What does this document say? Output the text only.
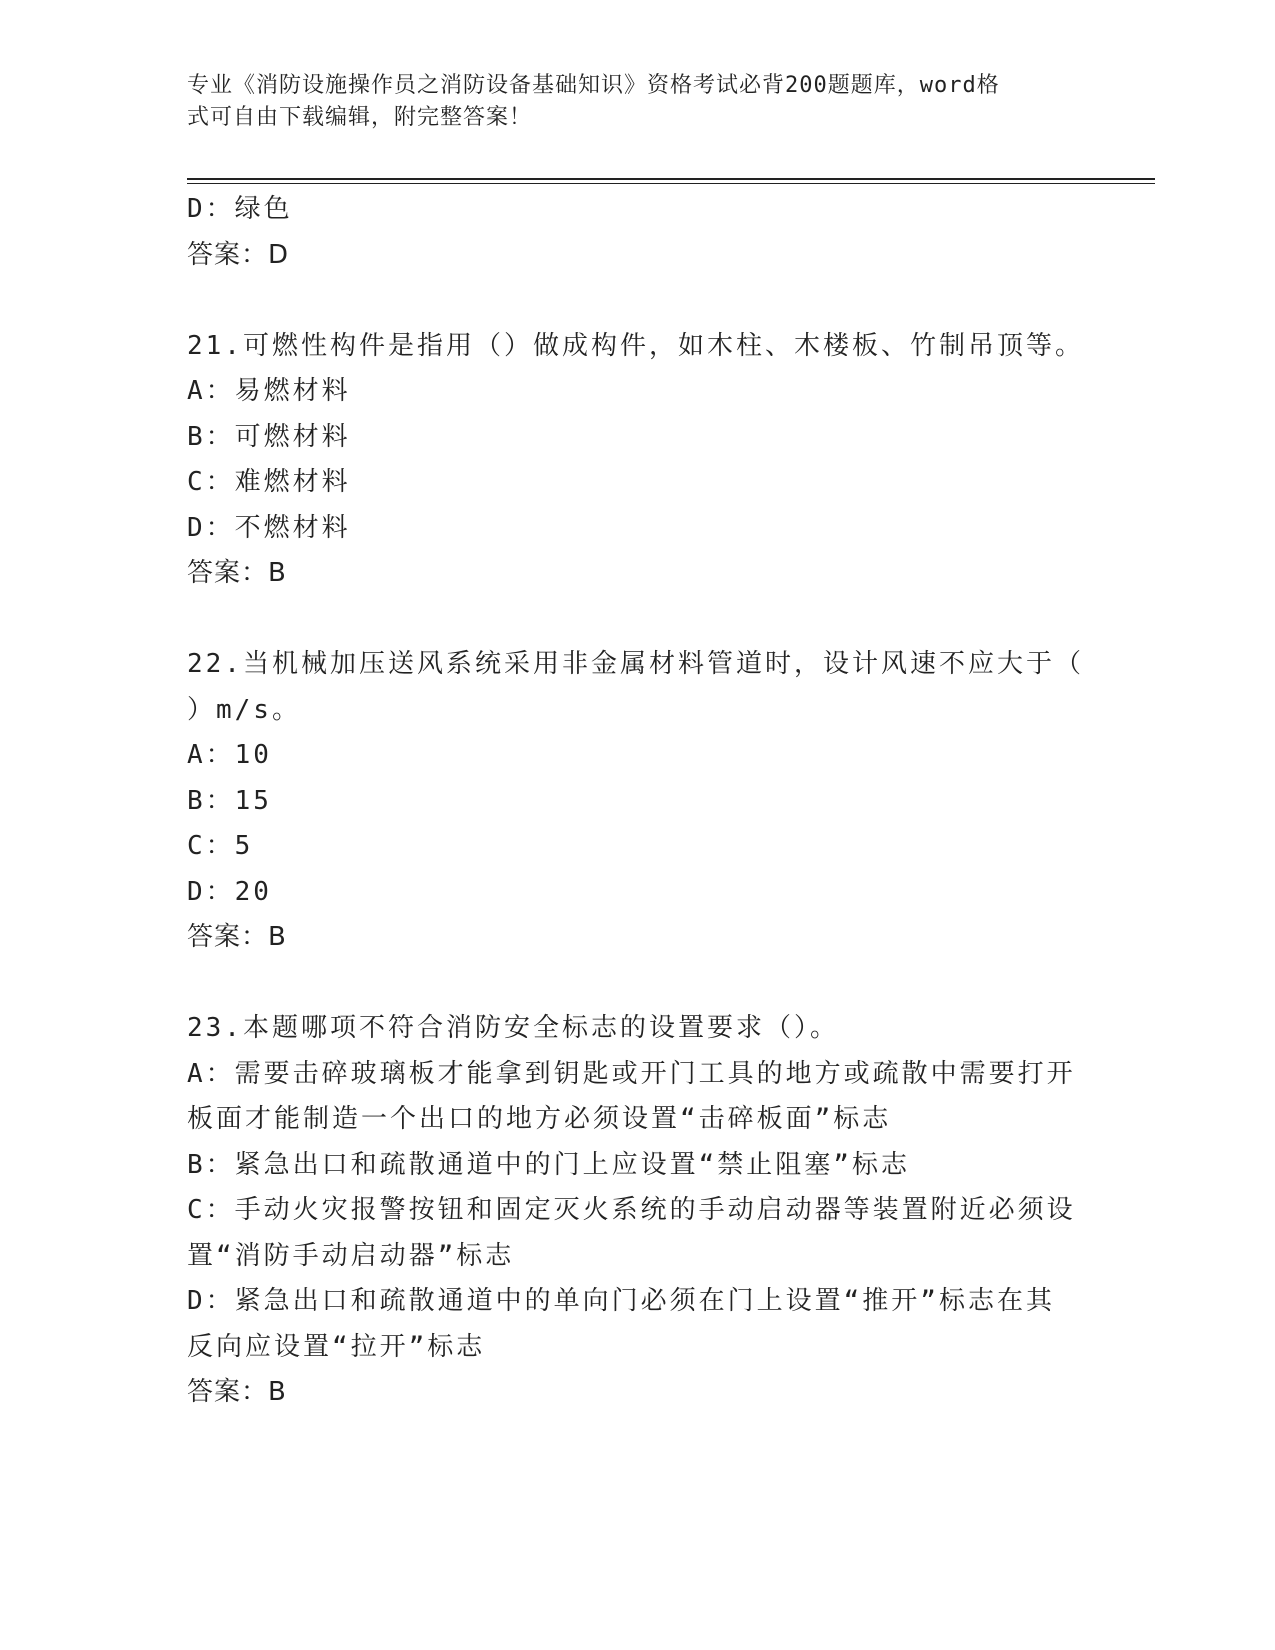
专业《消防设施操作员之消防设备基础知识》资格考试必背200题题库，word格
式可自由下载编辑，附完整答案！
D：绿色
答案：D
21.可燃性构件是指用（）做成构件，如木柱、木楼板、竹制吊顶等。
A：易燃材料
B：可燃材料
C：难燃材料
D：不燃材料
答案：B
22.当机械加压送风系统采用非金属材料管道时，设计风速不应大于（
）m/s。
A：10
B：15
C：5
D：20
答案：B
23.本题哪项不符合消防安全标志的设置要求（）。
A：需要击碎玻璃板才能拿到钥匙或开门工具的地方或疏散中需要打开
板面才能制造一个出口的地方必须设置“击碎板面”标志
B：紧急出口和疏散通道中的门上应设置“禁止阻塞”标志
C：手动火灾报警按钮和固定灭火系统的手动启动器等装置附近必须设
置“消防手动启动器”标志
D：紧急出口和疏散通道中的单向门必须在门上设置“推开”标志在其
反向应设置“拉开”标志
答案：B
